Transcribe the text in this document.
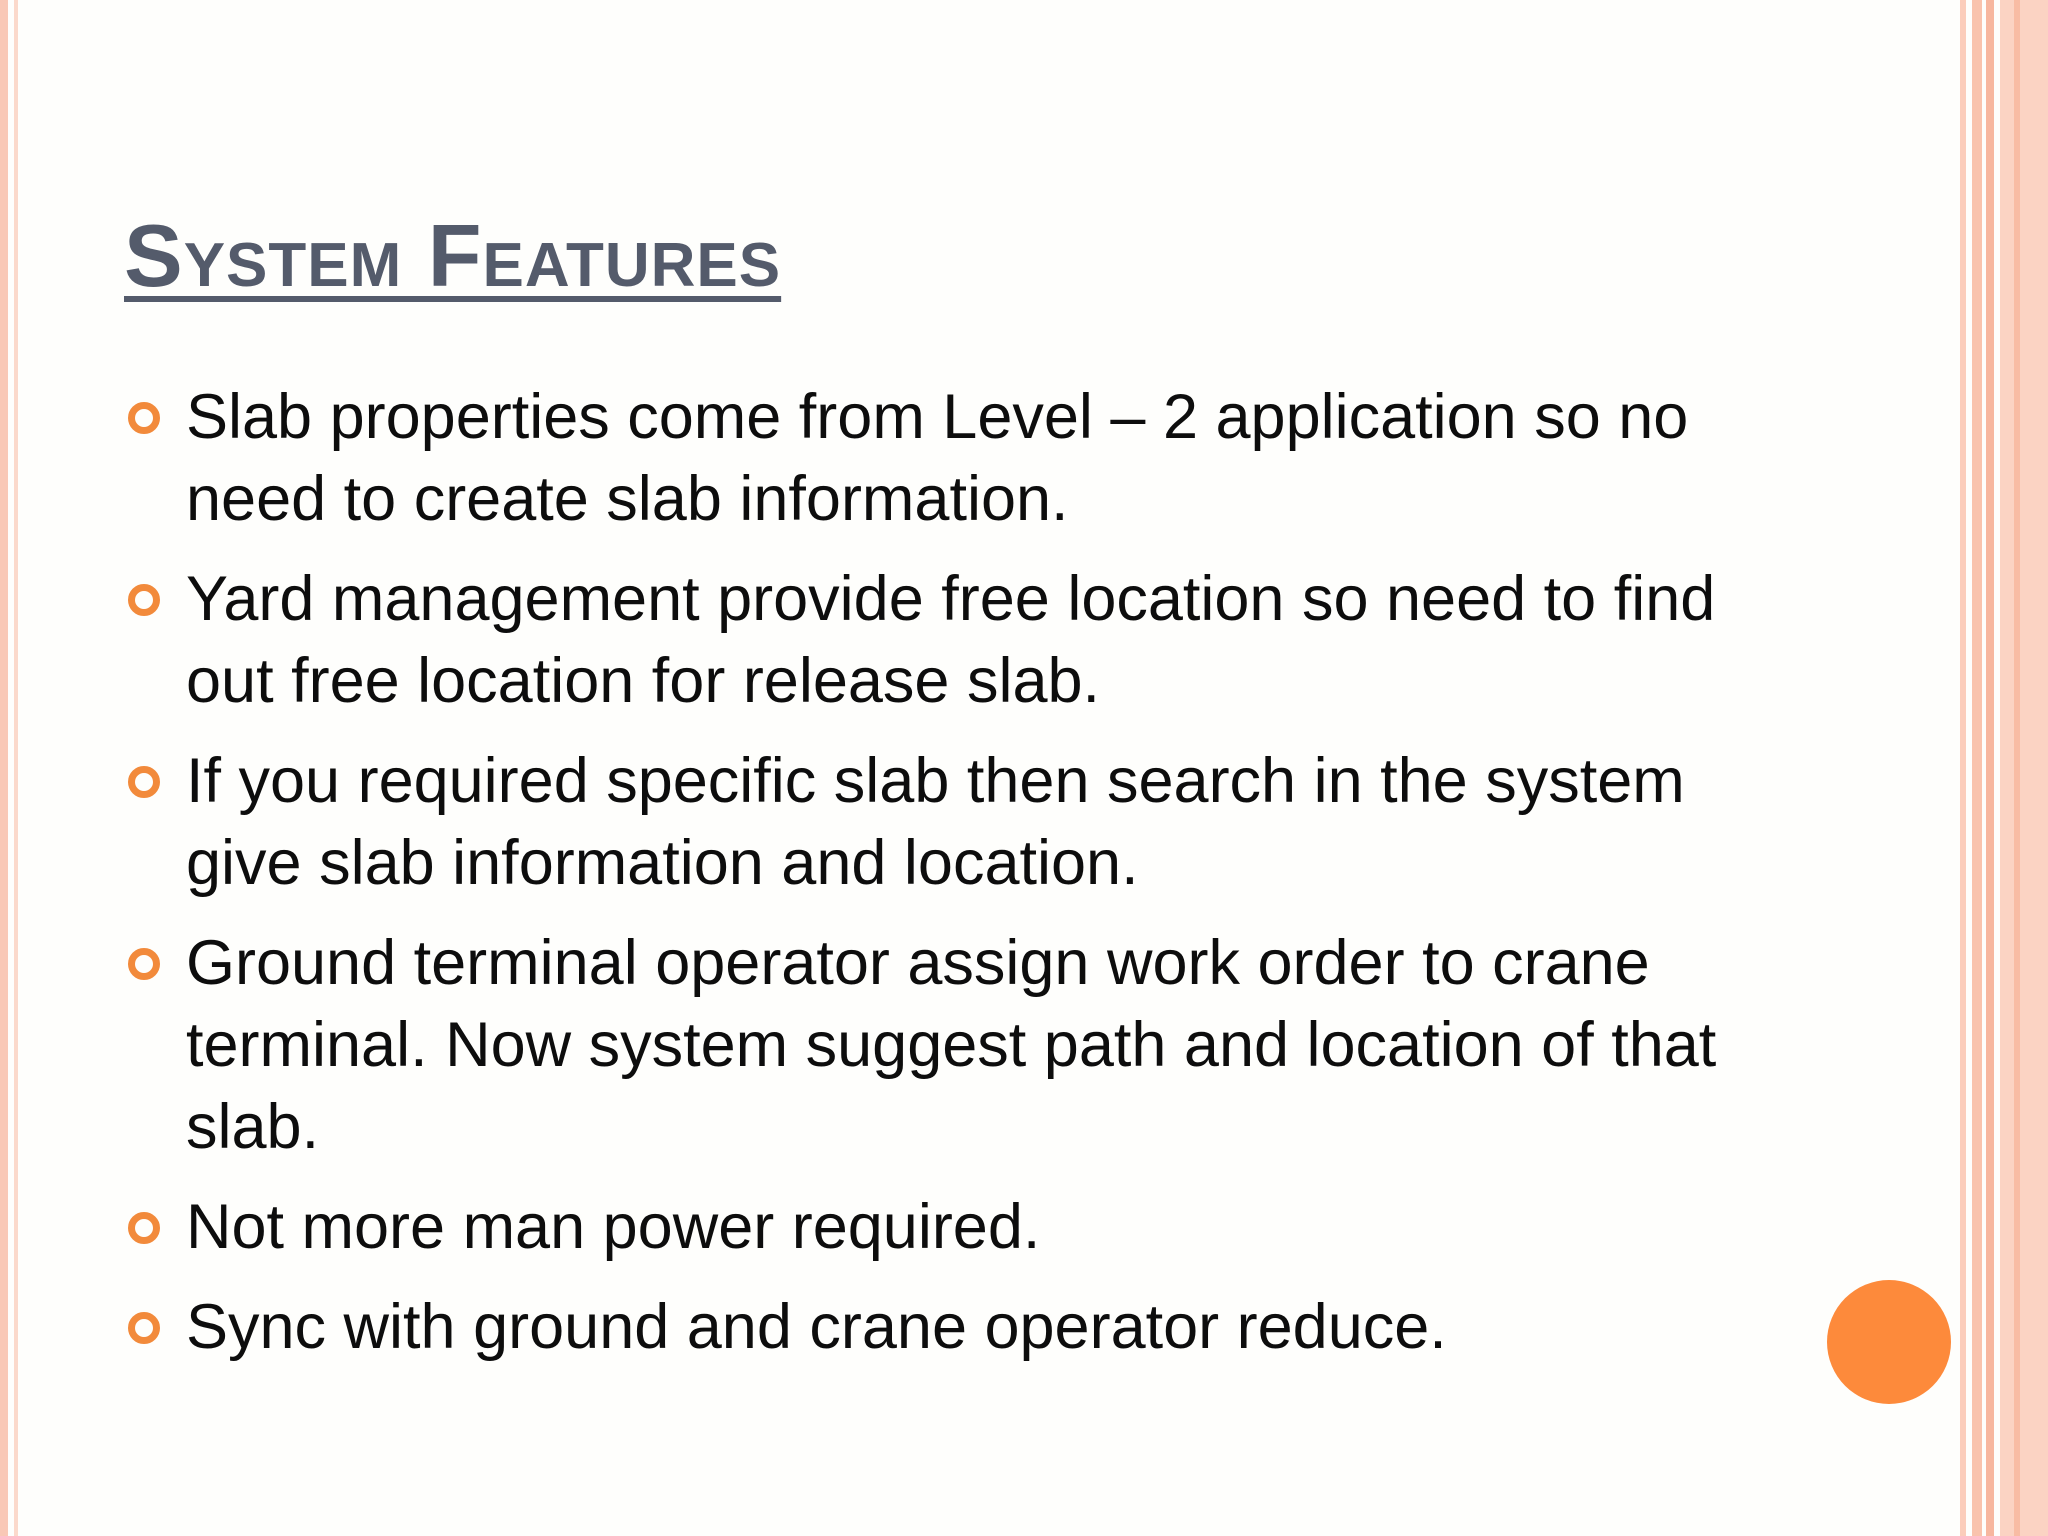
System Features
Slab properties come from Level – 2 application so no need to create slab information.
Yard management provide free location so need to find out free location for release slab.
If you required specific slab then search in the system give slab information and location.
Ground terminal operator assign work order to crane terminal. Now system suggest path and location of that slab.
Not more man power required.
Sync with ground and crane operator reduce.
